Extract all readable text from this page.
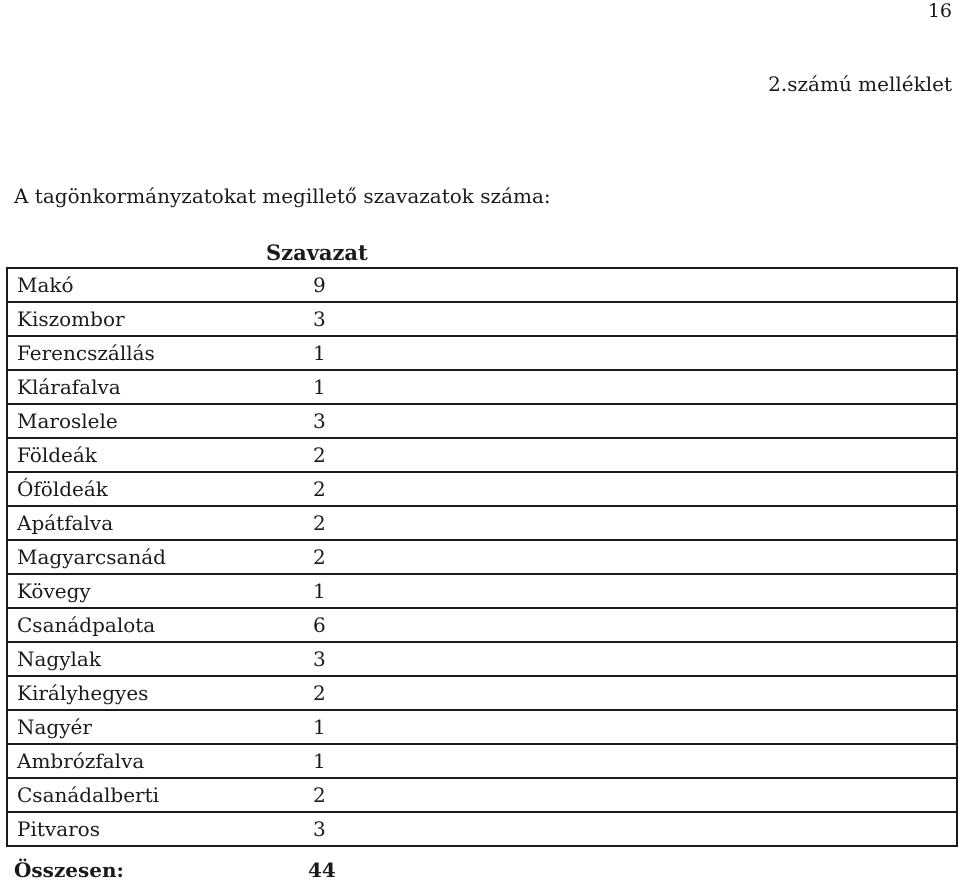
16
2.számú melléklet
A tagönkormányzatokat megillető szavazatok száma:
Szavazat
Makó	9	
Kiszombor	3	
Ferencszállás	1	
Klárafalva	1	
Maroslele	3	
Földeák	2	
Óföldeák	2	
Apátfalva	2	
Magyarcsanád	2	
Kövegy	1	
Csanádpalota	6	
Nagylak	3	
Királyhegyes	2	
Nagyér	1	
Ambrózfalva	1	
Csanádalberti	2	
Pitvaros	3	
Összesen:	44
